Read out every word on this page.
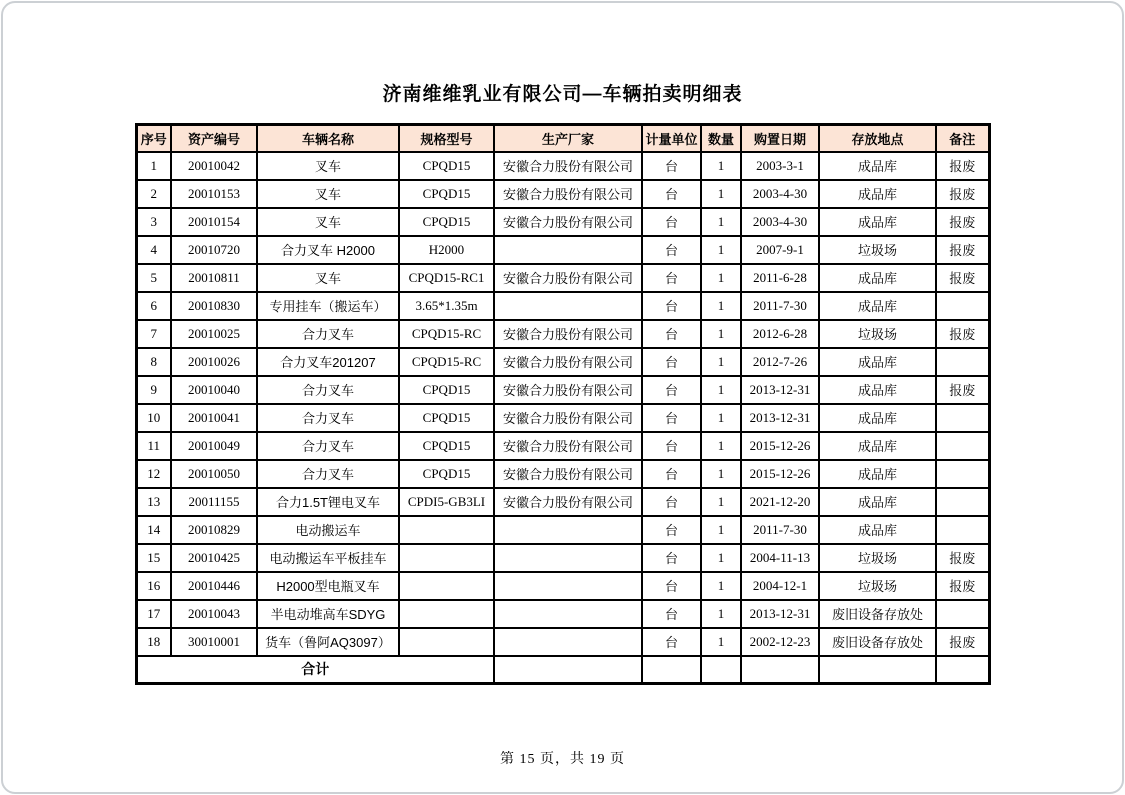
济南维维乳业有限公司—车辆拍卖明细表
序号	资产编号	车辆名称	规格型号	生产厂家	计量单位	数量	购置日期	存放地点	备注
1	20010042	叉车	CPQD15	安徽合力股份有限公司	台	1	2003-3-1	成品库	报废
2	20010153	叉车	CPQD15	安徽合力股份有限公司	台	1	2003-4-30	成品库	报废
3	20010154	叉车	CPQD15	安徽合力股份有限公司	台	1	2003-4-30	成品库	报废
4	20010720	合力叉车 H2000	H2000		台	1	2007-9-1	垃圾场	报废
5	20010811	叉车	CPQD15-RC1	安徽合力股份有限公司	台	1	2011-6-28	成品库	报废
6	20010830	专用挂车（搬运车）	3.65*1.35m		台	1	2011-7-30	成品库	
7	20010025	合力叉车	CPQD15-RC	安徽合力股份有限公司	台	1	2012-6-28	垃圾场	报废
8	20010026	合力叉车201207	CPQD15-RC	安徽合力股份有限公司	台	1	2012-7-26	成品库	
9	20010040	合力叉车	CPQD15	安徽合力股份有限公司	台	1	2013-12-31	成品库	报废
10	20010041	合力叉车	CPQD15	安徽合力股份有限公司	台	1	2013-12-31	成品库	
11	20010049	合力叉车	CPQD15	安徽合力股份有限公司	台	1	2015-12-26	成品库	
12	20010050	合力叉车	CPQD15	安徽合力股份有限公司	台	1	2015-12-26	成品库	
13	20011155	合力1.5T锂电叉车	CPDI5-GB3LI	安徽合力股份有限公司	台	1	2021-12-20	成品库	
14	20010829	电动搬运车			台	1	2011-7-30	成品库	
15	20010425	电动搬运车平板挂车			台	1	2004-11-13	垃圾场	报废
16	20010446	H2000型电瓶叉车			台	1	2004-12-1	垃圾场	报废
17	20010043	半电动堆高车SDYG			台	1	2013-12-31	废旧设备存放处	
18	30010001	货车（鲁阿AQ3097）			台	1	2002-12-23	废旧设备存放处	报废
合计									
第 15 页，共 19 页
